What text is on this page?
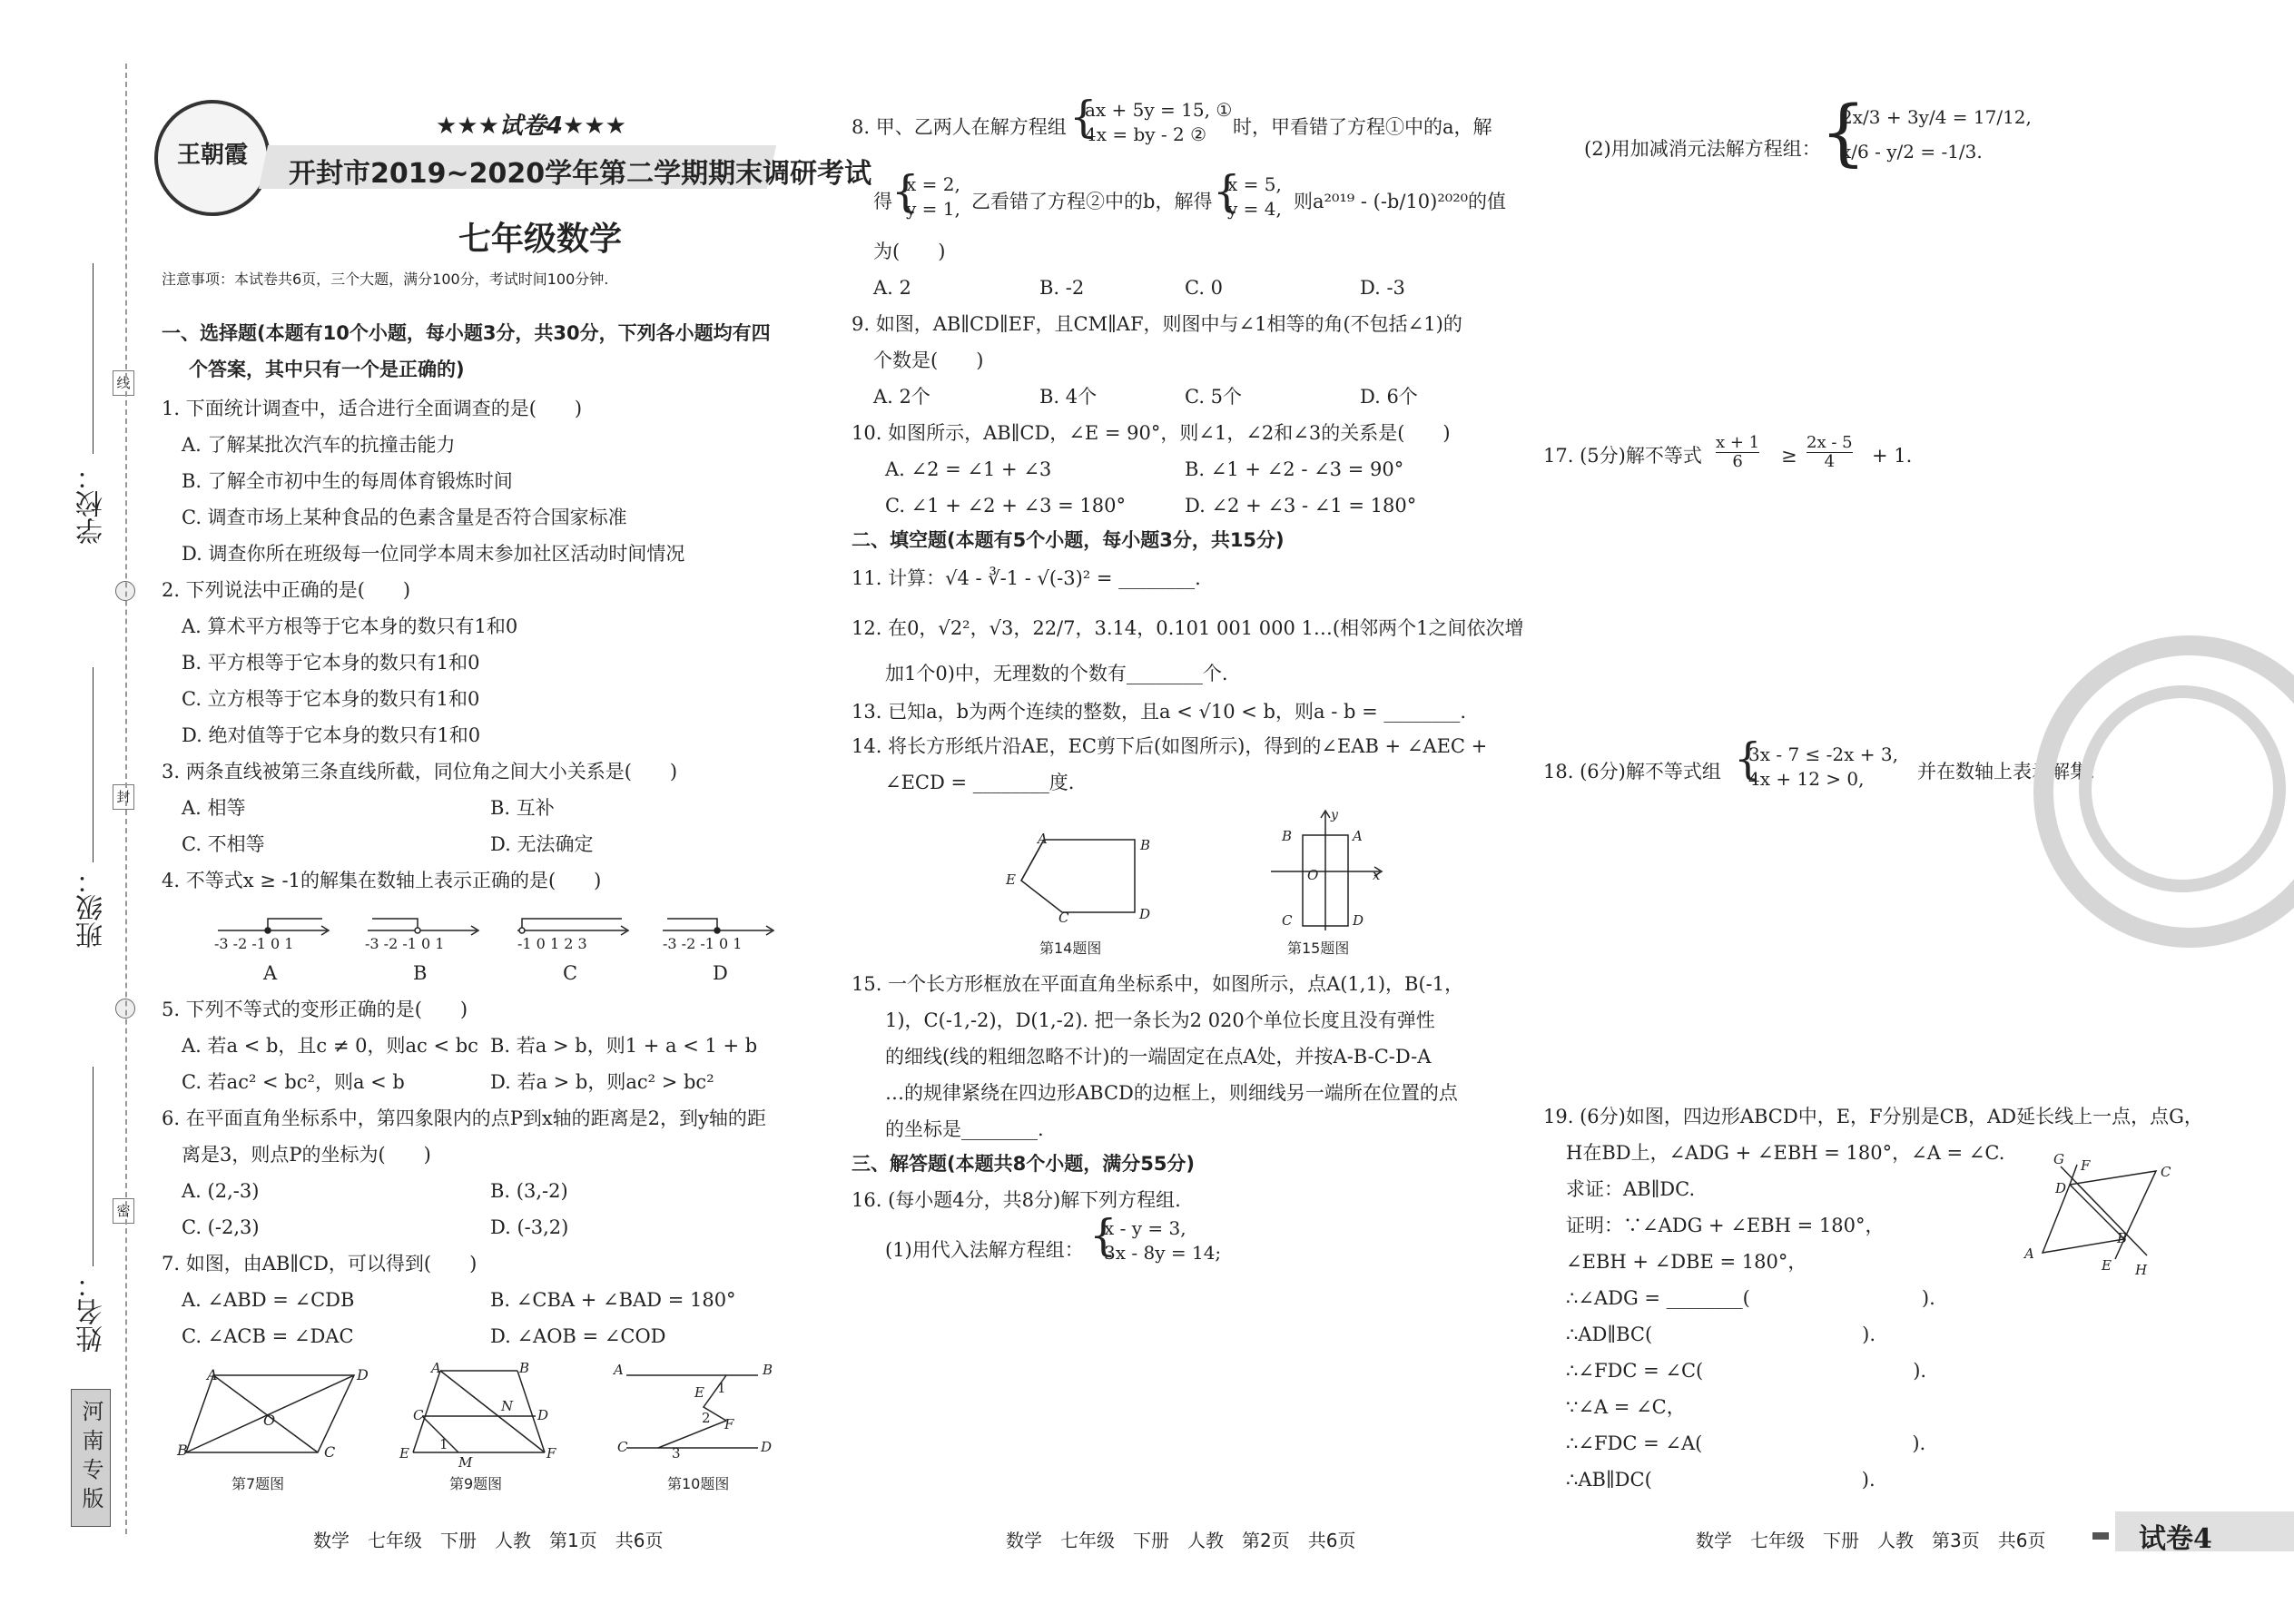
学校：
班级：
姓名：
线
封
密
河南专版
王朝霞
★★★试卷4★★★
开封市2019~2020学年第二学期期末调研考试
七年级数学
注意事项：本试卷共6页，三个大题，满分100分，考试时间100分钟.
一、选择题(本题有10个小题，每小题3分，共30分，下列各小题均有四
个答案，其中只有一个是正确的)
1. 下面统计调查中，适合进行全面调查的是(　　)
A. 了解某批次汽车的抗撞击能力
B. 了解全市初中生的每周体育锻炼时间
C. 调查市场上某种食品的色素含量是否符合国家标准
D. 调查你所在班级每一位同学本周末参加社区活动时间情况
2. 下列说法中正确的是(　　)
A. 算术平方根等于它本身的数只有1和0
B. 平方根等于它本身的数只有1和0
C. 立方根等于它本身的数只有1和0
D. 绝对值等于它本身的数只有1和0
3. 两条直线被第三条直线所截，同位角之间大小关系是(　　)
A. 相等	B. 互补
C. 不相等	D. 无法确定
4. 不等式x ≥ -1的解集在数轴上表示正确的是(　　)
-3 -2 -1 0 1	-3 -2 -1 0 1	-1 0 1 2 3	-3 -2 -1 0 1
A	B	C	D
5. 下列不等式的变形正确的是(　　)
A. 若a < b，且c ≠ 0，则ac < bc B. 若a > b，则1 + a < 1 + b
C. 若ac² < bc²，则a < b	D. 若a > b，则ac² > bc²
6. 在平面直角坐标系中，第四象限内的点P到x轴的距离是2，到y轴的距
离是3，则点P的坐标为(　　)
A. (2,-3)	B. (3,-2)
C. (-2,3)	D. (-3,2)
7. 如图，由AB∥CD，可以得到(　　)
A. ∠ABD = ∠CDB	B. ∠CBA + ∠BAD = 180°
C. ∠ACB = ∠DAC	D. ∠AOB = ∠COD
A	D
O
B	C
第7题图
A	B
C
N
D
E
1
M
F
第9题图
A	B
E 1
2 F
C	3	D
第10题图
数学　七年级　下册　人教　第1页　共6页
8. 甲、乙两人在解方程组 {
ax + 5y = 15, ①
4x = by - 2 ②	时，甲看错了方程①中的a，解
得 {
x = 2,
y = 1, 乙看错了方程②中的b，解得 {
x = 5,
y = 4, 则a²⁰¹⁹ - (-b/10)²⁰²⁰的值
为(　　)
A. 2	B. -2	C. 0	D. -3
9. 如图，AB∥CD∥EF，且CM∥AF，则图中与∠1相等的角(不包括∠1)的
个数是(　　)
A. 2个	B. 4个	C. 5个	D. 6个
10. 如图所示，AB∥CD，∠E = 90°，则∠1，∠2和∠3的关系是(　　)
A. ∠2 = ∠1 + ∠3	B. ∠1 + ∠2 - ∠3 = 90°
C. ∠1 + ∠2 + ∠3 = 180°	D. ∠2 + ∠3 - ∠1 = 180°
二、填空题(本题有5个小题，每小题3分，共15分)
11. 计算：√4 - ∛-1 - √(-3)² = ________.
12. 在0，√2²，√3，22/7，3.14，0.101 001 000 1…(相邻两个1之间依次增
加1个0)中，无理数的个数有________个.
13. 已知a，b为两个连续的整数，且a < √10 < b，则a - b = ________.
14. 将长方形纸片沿AE，EC剪下后(如图所示)，得到的∠EAB + ∠AEC +
∠ECD = ________度.
A	B
E
C	D
第14题图
y
B	A
O	x
C	D
第15题图
15. 一个长方形框放在平面直角坐标系中，如图所示，点A(1,1)，B(-1，
1)，C(-1,-2)，D(1,-2). 把一条长为2 020个单位长度且没有弹性
的细线(线的粗细忽略不计)的一端固定在点A处，并按A-B-C-D-A
…的规律紧绕在四边形ABCD的边框上，则细线另一端所在位置的点
的坐标是________.
三、解答题(本题共8个小题，满分55分)
16. (每小题4分，共8分)解下列方程组.
(1)用代入法解方程组： {
x - y = 3,
3x - 8y = 14;
数学　七年级　下册　人教　第2页　共6页
(2)用加减消元法解方程组： {
2x/3 + 3y/4 = 17/12,
x/6 - y/2 = -1/3.
17. (5分)解不等式 $\frac{x + 1}{6} \ge \frac{2x - 5}{4} + 1$.
18. (6分)解不等式组 {
3x - 7 ≤ -2x + 3,
4x + 12 > 0,	并在数轴上表示解集.
19. (6分)如图，四边形ABCD中，E，F分别是CB，AD延长线上一点，点G，
H在BD上，∠ADG + ∠EBH = 180°，∠A = ∠C.
求证：AB∥DC.
证明：∵∠ADG + ∠EBH = 180°，
∠EBH + ∠DBE = 180°，
∴∠ADG = ________(　　　　　　　　　).
∴AD∥BC(　　　　　　　　　　　).
∴∠FDC = ∠C(　　　　　　　　　　　).
∵∠A = ∠C，
∴∠FDC = ∠A(　　　　　　　　　　　).
∴AB∥DC(　　　　　　　　　　　).
G F	C
D
A
B
E H
数学　七年级　下册　人教　第3页　共6页	试卷4
